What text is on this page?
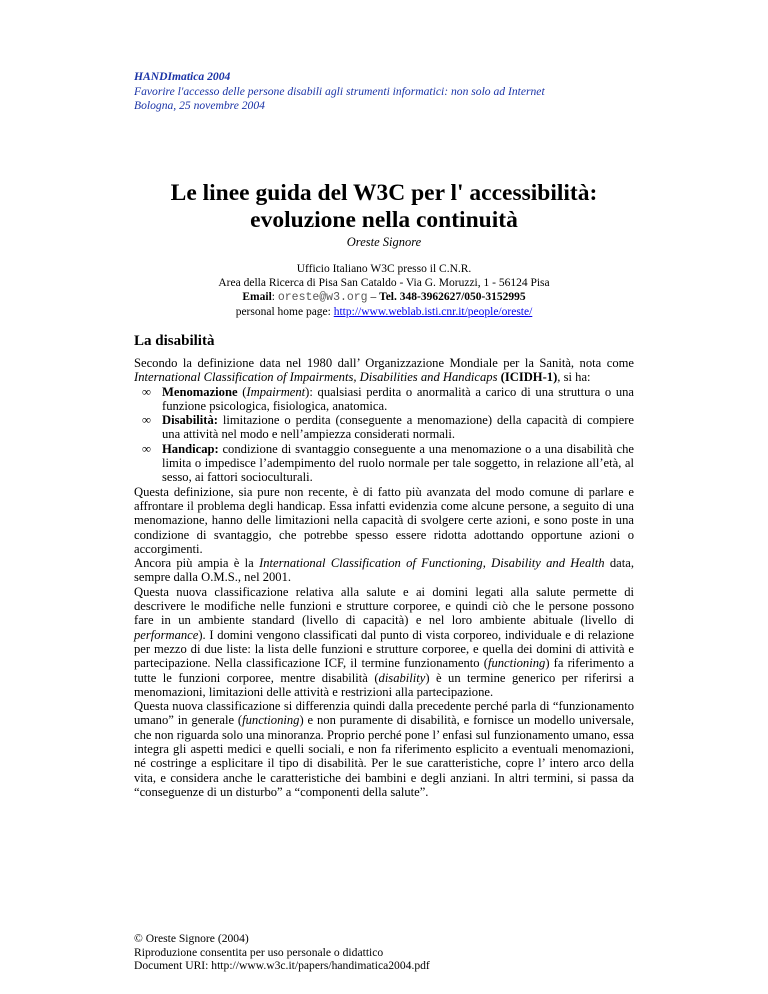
HANDImatica 2004
Favorire l'accesso delle persone disabili agli strumenti informatici: non solo ad Internet
Bologna, 25 novembre 2004
Le linee guida del W3C per l' accessibilità:
evoluzione nella continuità
Oreste Signore
Ufficio Italiano W3C presso il C.N.R.
Area della Ricerca di Pisa San Cataldo - Via G. Moruzzi, 1 - 56124 Pisa
Email: oreste@w3.org – Tel. 348-3962627/050-3152995
personal home page: http://www.weblab.isti.cnr.it/people/oreste/
La disabilità

Secondo la definizione data nel 1980 dall’ Organizzazione Mondiale per la Sanità, nota come International Classification of Impairments, Disabilities and Handicaps (ICIDH-1), si ha:

∞ Menomazione (Impairment): qualsiasi perdita o anormalità a carico di una struttura o una funzione psicologica, fisiologica, anatomica.
∞ Disabilità: limitazione o perdita (conseguente a menomazione) della capacità di compiere una attività nel modo e nell’ampiezza considerati normali.
∞ Handicap: condizione di svantaggio conseguente a una menomazione o a una disabilità che limita o impedisce l’adempimento del ruolo normale per tale soggetto, in relazione all’età, al sesso, ai fattori socioculturali.

Questa definizione, sia pure non recente, è di fatto più avanzata del modo comune di parlare e affrontare il problema degli handicap. Essa infatti evidenzia come alcune persone, a seguito di una menomazione, hanno delle limitazioni nella capacità di svolgere certe azioni, e sono poste in una condizione di svantaggio, che potrebbe spesso essere ridotta adottando opportune azioni o accorgimenti.

Ancora più ampia è la International Classification of Functioning, Disability and Health data, sempre dalla O.M.S., nel 2001.

Questa nuova classificazione relativa alla salute e ai domini legati alla salute permette di descrivere le modifiche nelle funzioni e strutture corporee, e quindi ciò che le persone possono fare in un ambiente standard (livello di capacità) e nel loro ambiente abituale (livello di performance). I domini vengono classificati dal punto di vista corporeo, individuale e di relazione per mezzo di due liste: la lista delle funzioni e strutture corporee, e quella dei domini di attività e partecipazione. Nella classificazione ICF, il termine funzionamento (functioning) fa riferimento a tutte le funzioni corporee, mentre disabilità (disability) è un termine generico per riferirsi a menomazioni, limitazioni delle attività e restrizioni alla partecipazione.

Questa nuova classificazione si differenzia quindi dalla precedente perché parla di “funzionamento umano” in generale (functioning) e non puramente di disabilità, e fornisce un modello universale, che non riguarda solo una minoranza. Proprio perché pone l’ enfasi sul funzionamento umano, essa integra gli aspetti medici e quelli sociali, e non fa riferimento esplicito a eventuali menomazioni, né costringe a esplicitare il tipo di disabilità. Per le sue caratteristiche, copre l’ intero arco della vita, e considera anche le caratteristiche dei bambini e degli anziani. In altri termini, si passa da “conseguenze di un disturbo” a “componenti della salute”.

© Oreste Signore (2004)
Riproduzione consentita per uso personale o didattico
Document URI: http://www.w3c.it/papers/handimatica2004.pdf
